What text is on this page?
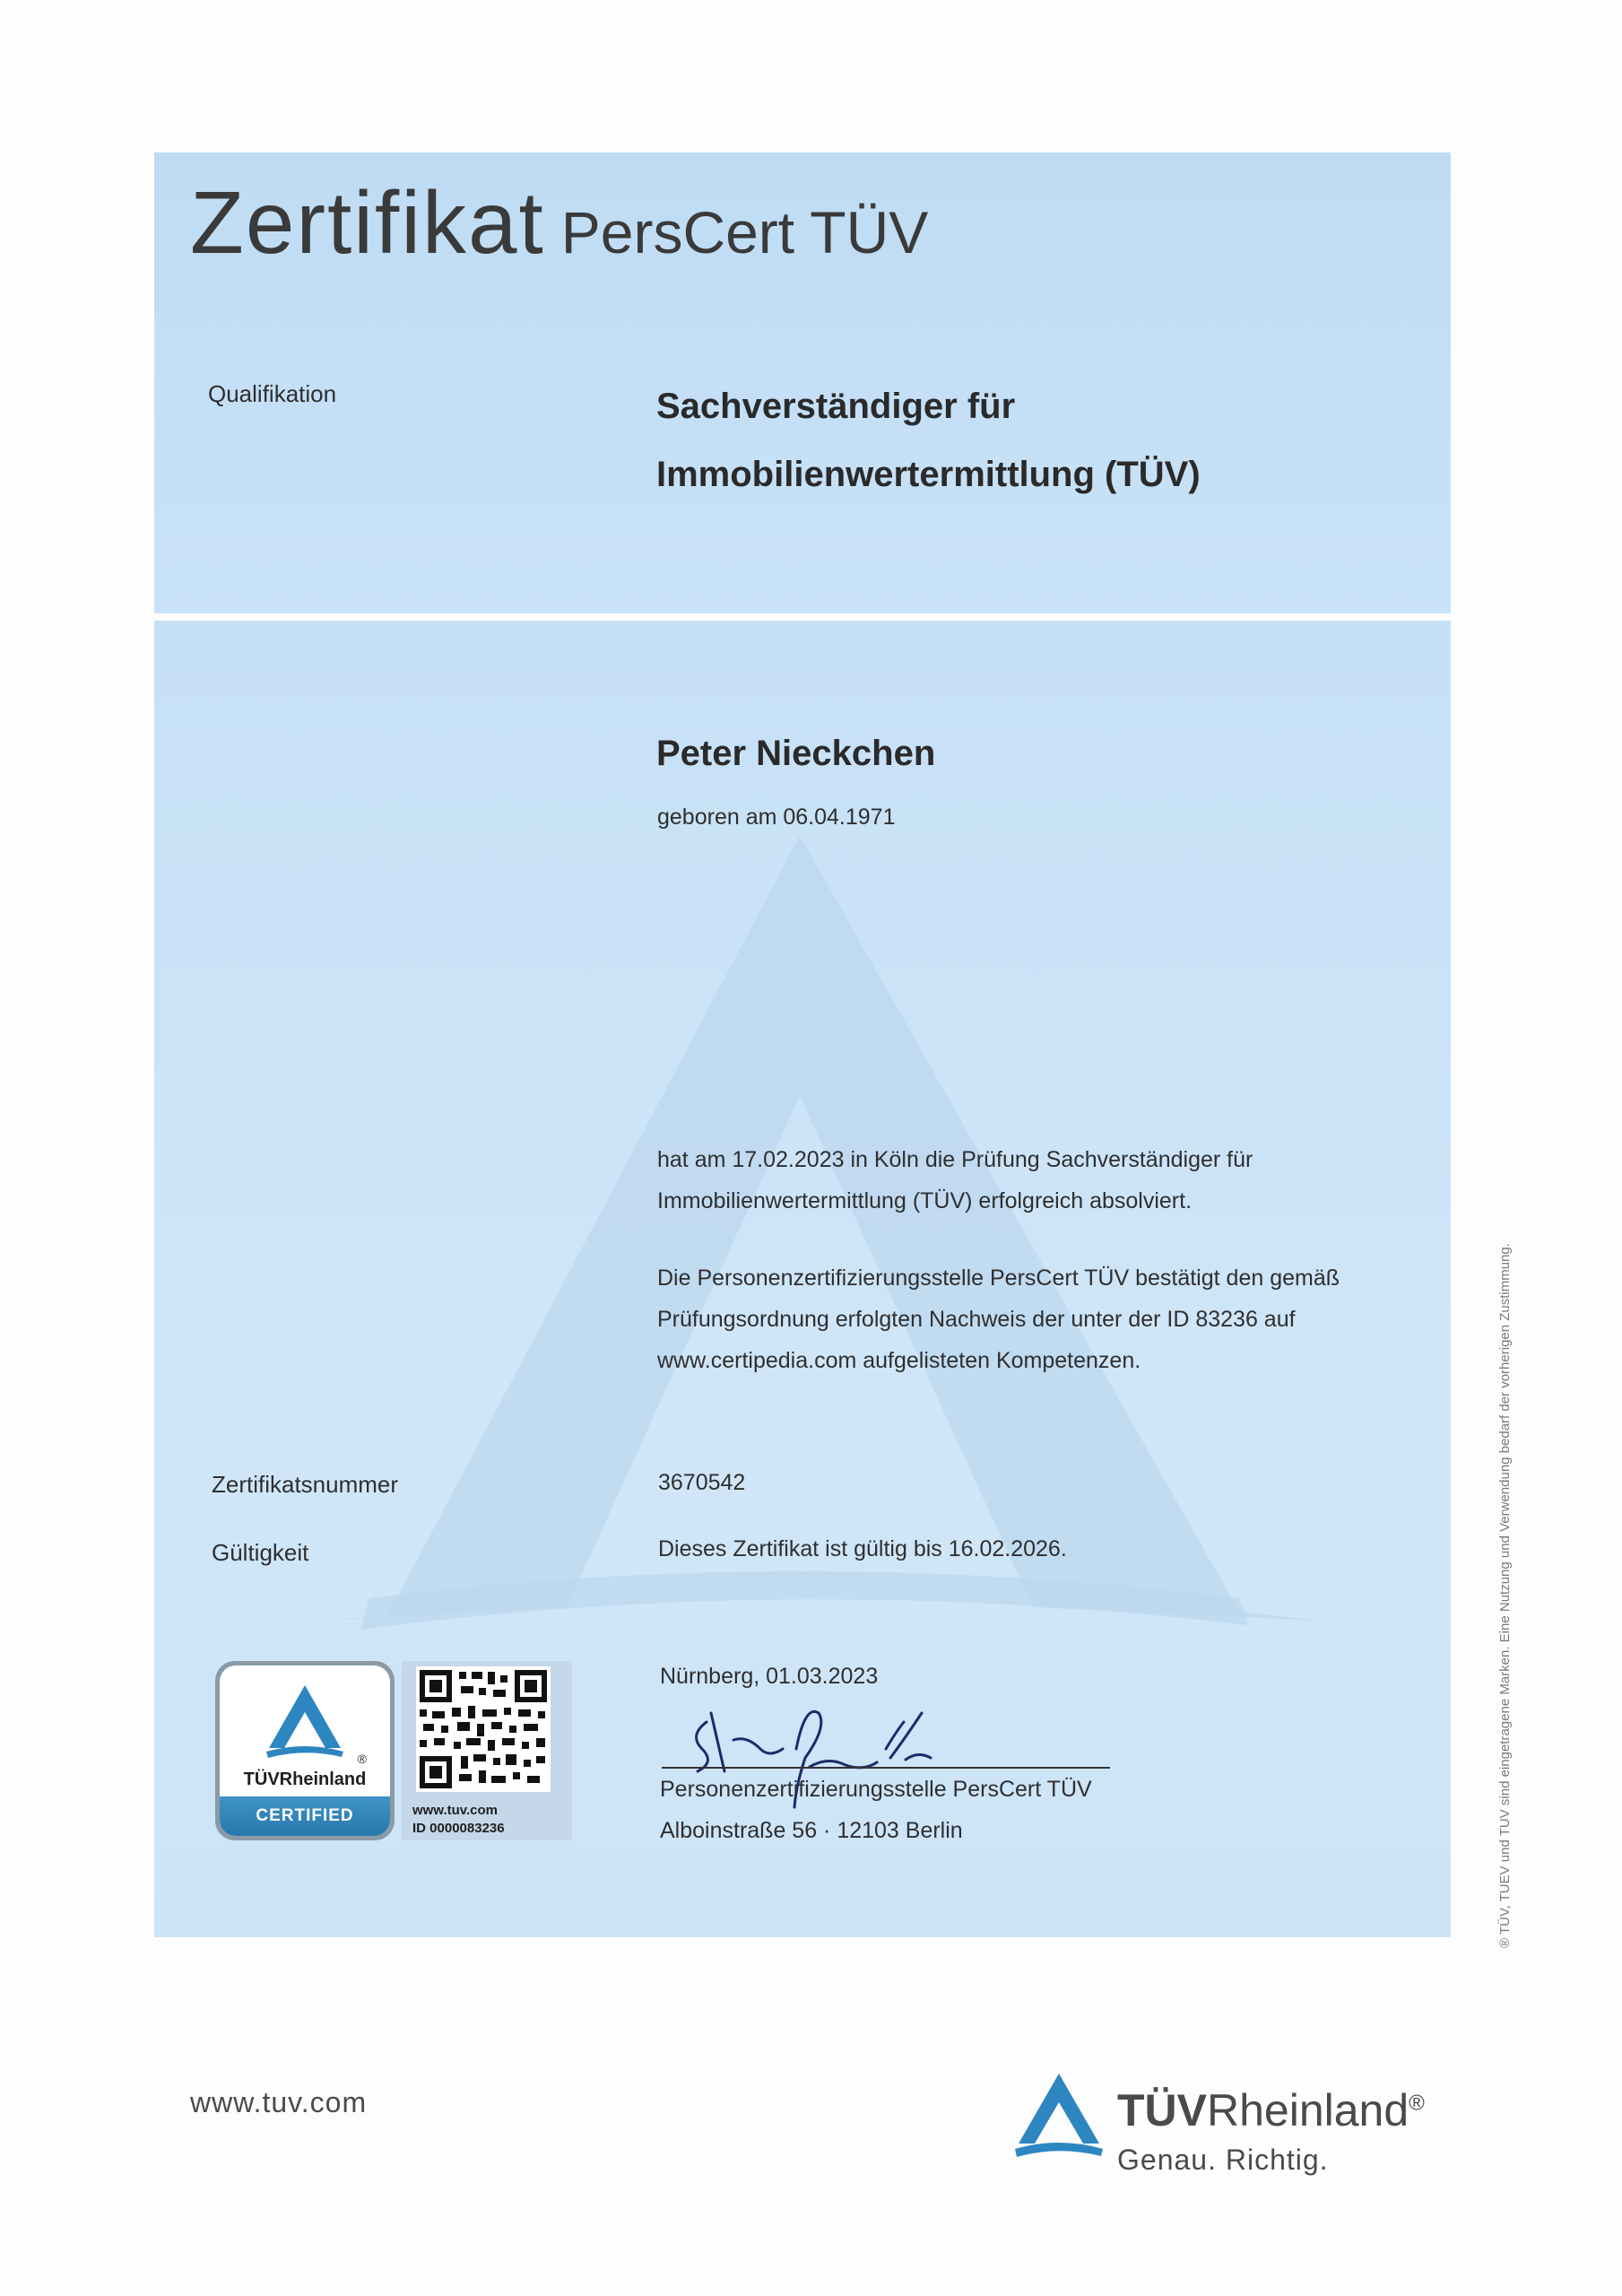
Zertifikat PersCert TÜV
Qualifikation	Sachverständiger für
Immobilienwertermittlung (TÜV)
Peter Nieckchen
geboren am 06.04.1971
hat am 17.02.2023 in Köln die Prüfung Sachverständiger für
Immobilienwertermittlung (TÜV) erfolgreich absolviert.
Die Personenzertifizierungsstelle PersCert TÜV bestätigt den gemäß
Prüfungsordnung erfolgten Nachweis der unter der ID 83236 auf
www.certipedia.com aufgelisteten Kompetenzen.
Zertifikatsnummer	3670542
Gültigkeit	Dieses Zertifikat ist gültig bis 16.02.2026.
®
TÜVRheinland
CERTIFIED	www.tuv.com
ID 0000083236
Nürnberg, 01.03.2023
Personenzertifizierungsstelle PersCert TÜV
Alboinstraße 56 · 12103 Berlin
www.tuv.com	TÜVRheinland®
Genau. Richtig.
® TÜV, TUEV und TUV sind eingetragene Marken. Eine Nutzung und Verwendung bedarf der vorherigen Zustimmung.
